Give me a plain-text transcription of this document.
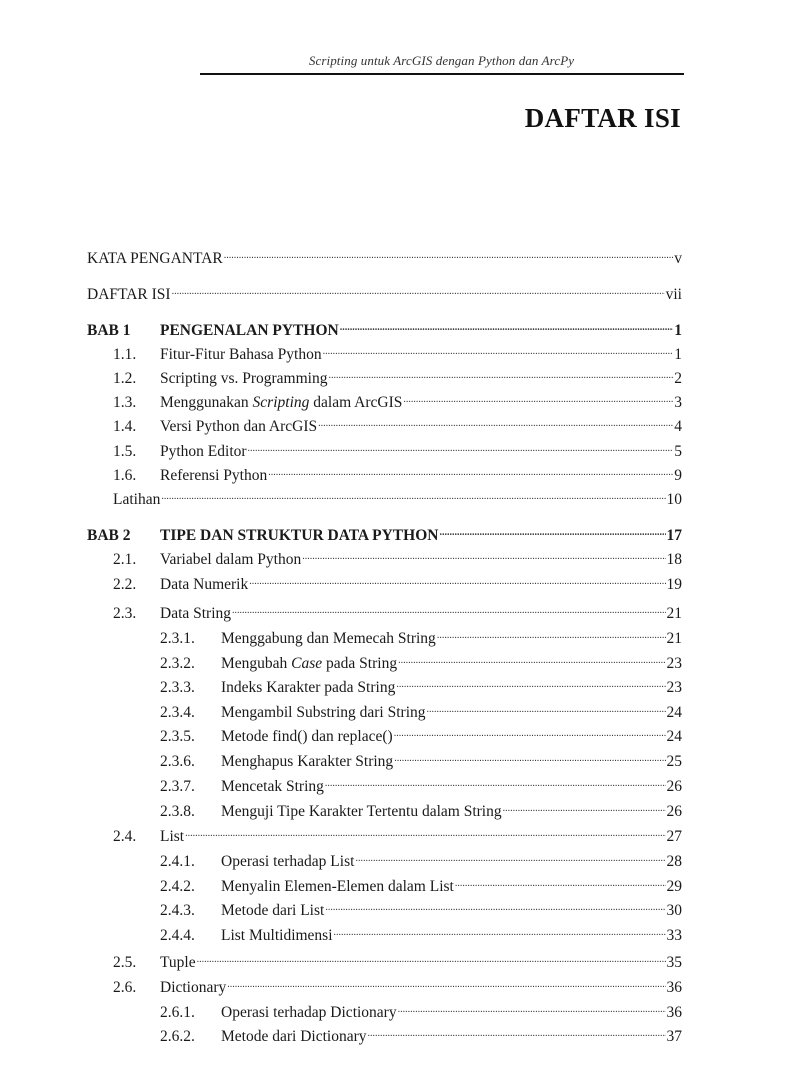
Scripting untuk ArcGIS dengan Python dan ArcPy
DAFTAR ISI
KATA PENGANTAR .....	v
DAFTAR ISI .....	vii
BAB 1	PENGENALAN PYTHON .....	1
1.1.	Fitur-Fitur Bahasa Python .....	1
1.2.	Scripting vs. Programming .....	2
1.3.	Menggunakan Scripting dalam ArcGIS .....	3
1.4.	Versi Python dan ArcGIS .....	4
1.5.	Python Editor .....	5
1.6.	Referensi Python .....	9
Latihan .....	10
BAB 2	TIPE DAN STRUKTUR DATA PYTHON .....	17
2.1.	Variabel dalam Python .....	18
2.2.	Data Numerik .....	19
2.3.	Data String .....	21
2.3.1.	Menggabung dan Memecah String .....	21
2.3.2.	Mengubah Case pada String .....	23
2.3.3.	Indeks Karakter pada String .....	23
2.3.4.	Mengambil Substring dari String .....	24
2.3.5.	Metode find() dan replace() .....	24
2.3.6.	Menghapus Karakter String .....	25
2.3.7.	Mencetak String .....	26
2.3.8.	Menguji Tipe Karakter Tertentu dalam String .....	26
2.4.	List .....	27
2.4.1.	Operasi terhadap List .....	28
2.4.2.	Menyalin Elemen-Elemen dalam List .....	29
2.4.3.	Metode dari List .....	30
2.4.4.	List Multidimensi .....	33
2.5.	Tuple .....	35
2.6.	Dictionary .....	36
2.6.1.	Operasi terhadap Dictionary .....	36
2.6.2.	Metode dari Dictionary .....	37
